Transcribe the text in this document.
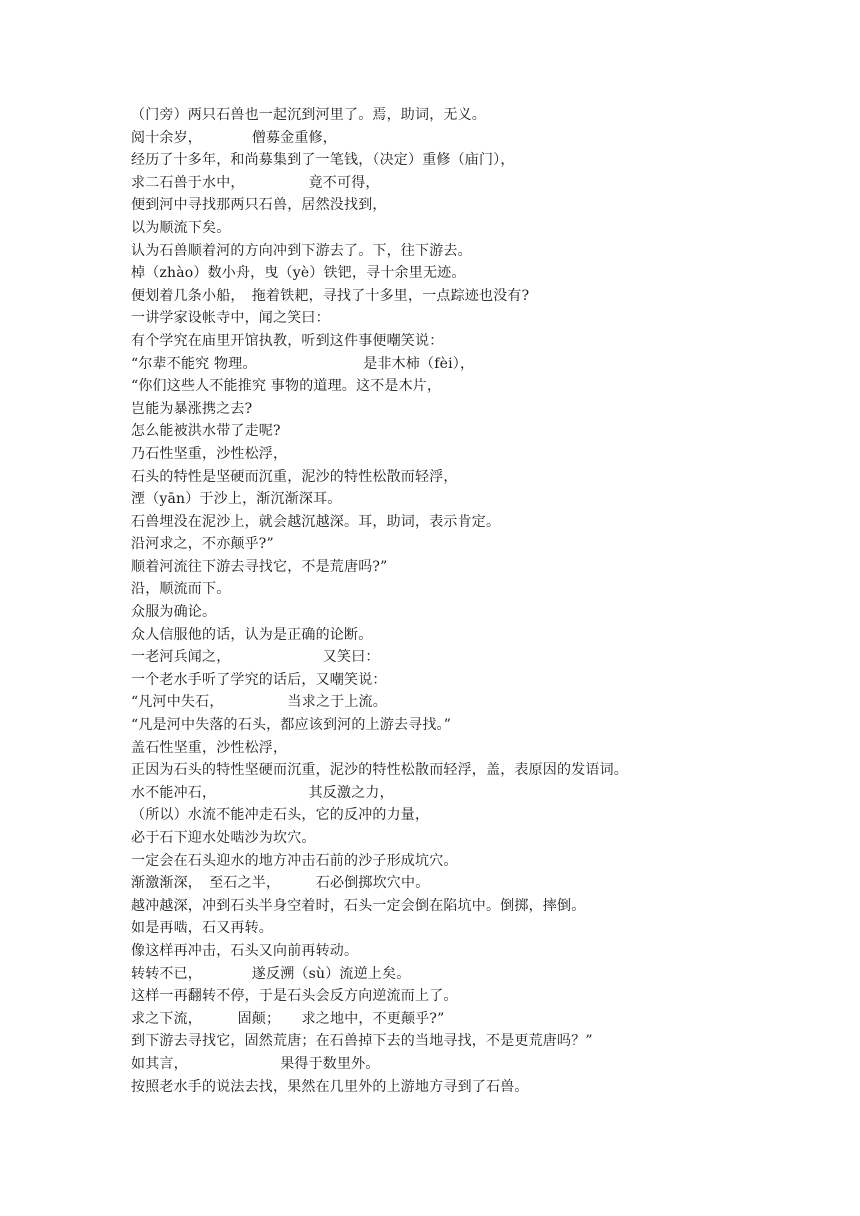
（门旁）两只石兽也一起沉到河里了。焉，助词，无义。
阅十余岁，　　　　僧募金重修，
经历了十多年，和尚募集到了一笔钱，（决定）重修（庙门），
求二石兽于水中，　　　　　竟不可得，
便到河中寻找那两只石兽，居然没找到，
以为顺流下矣。
认为石兽顺着河的方向冲到下游去了。下，往下游去。
棹（zhào）数小舟，曳（yè）铁钯，寻十余里无迹。
便划着几条小船，　拖着铁耙，寻找了十多里，一点踪迹也没有?
一讲学家设帐寺中，闻之笑曰：
有个学究在庙里开馆执教，听到这件事便嘲笑说：
“尔辈不能究 物理。　　　　　　　　是非木柿（fèi），
“你们这些人不能推究 事物的道理。这不是木片，
岂能为暴涨携之去?
怎么能被洪水带了走呢?
乃石性坚重，沙性松浮，
石头的特性是坚硬而沉重，泥沙的特性松散而轻浮，
湮（yān）于沙上，渐沉渐深耳。
石兽埋没在泥沙上，就会越沉越深。耳，助词，表示肯定。
沿河求之，不亦颠乎?”
顺着河流往下游去寻找它，不是荒唐吗?”
沿，顺流而下。
众服为确论。
众人信服他的话，认为是正确的论断。
一老河兵闻之，　　　　　　　又笑曰：
一个老水手听了学究的话后，又嘲笑说：
“凡河中失石，　　　　　当求之于上流。
“凡是河中失落的石头，都应该到河的上游去寻找。”
盖石性坚重，沙性松浮，
正因为石头的特性坚硬而沉重，泥沙的特性松散而轻浮，盖，表原因的发语词。
水不能冲石，　　　　　　　其反激之力，
（所以）水流不能冲走石头，它的反冲的力量，
必于石下迎水处啮沙为坎穴。
一定会在石头迎水的地方冲击石前的沙子形成坑穴。
渐激渐深，　至石之半，　　　石必倒掷坎穴中。
越冲越深，冲到石头半身空着时，石头一定会倒在陷坑中。倒掷，摔倒。
如是再啮，石又再转。
像这样再冲击，石头又向前再转动。
转转不已，　　　　遂反溯（sù）流逆上矣。
这样一再翻转不停，于是石头会反方向逆流而上了。
求之下流，　　　固颠；　　求之地中，不更颠乎?”
到下游去寻找它，固然荒唐；在石兽掉下去的当地寻找，不是更荒唐吗？”
如其言，　　　　　　　果得于数里外。
按照老水手的说法去找，果然在几里外的上游地方寻到了石兽。
